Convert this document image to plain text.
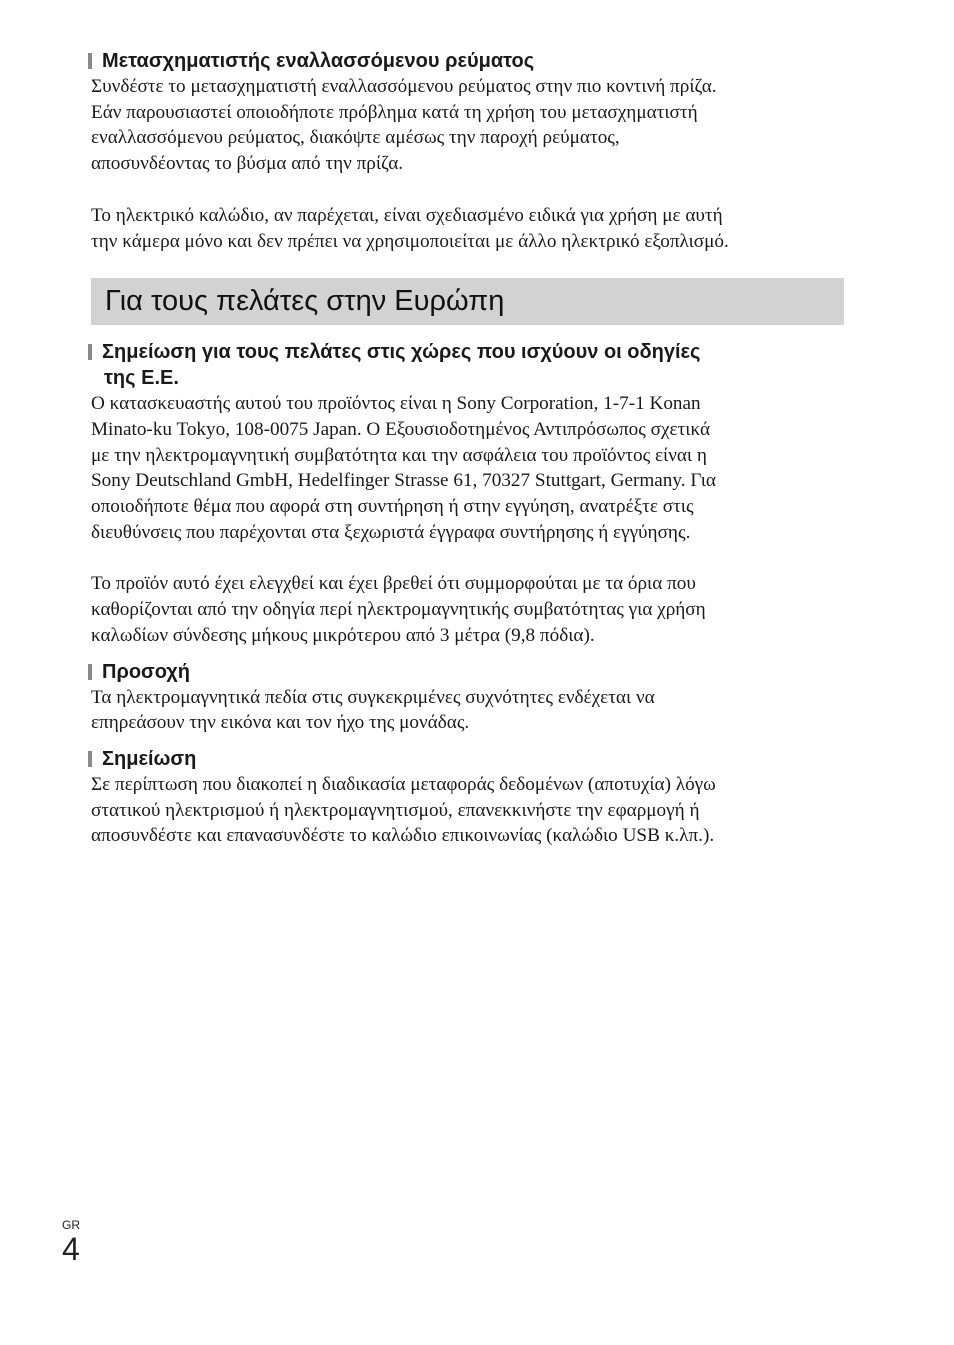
Μετασχηματιστής εναλλασσόμενου ρεύματος

Συνδέστε το μετασχηματιστή εναλλασσόμενου ρεύματος στην πιο κοντινή πρίζα.
Εάν παρουσιαστεί οποιοδήποτε πρόβλημα κατά τη χρήση του μετασχηματιστή
εναλλασσόμενου ρεύματος, διακόψτε αμέσως την παροχή ρεύματος,
αποσυνδέοντας το βύσμα από την πρίζα.

Το ηλεκτρικό καλώδιο, αν παρέχεται, είναι σχεδιασμένο ειδικά για χρήση με αυτή
την κάμερα μόνο και δεν πρέπει να χρησιμοποιείται με άλλο ηλεκτρικό εξοπλισμό.

Για τους πελάτες στην Ευρώπη
Σημείωση για τους πελάτες στις χώρες που ισχύουν οι οδηγίες
της Ε.Ε.

Ο κατασκευαστής αυτού του προϊόντος είναι η Sony Corporation, 1-7-1 Konan
Minato-ku Tokyo, 108-0075 Japan. Ο Εξουσιοδοτημένος Αντιπρόσωπος σχετικά
με την ηλεκτρομαγνητική συμβατότητα και την ασφάλεια του προϊόντος είναι η
Sony Deutschland GmbH, Hedelfinger Strasse 61, 70327 Stuttgart, Germany. Για
οποιοδήποτε θέμα που αφορά στη συντήρηση ή στην εγγύηση, ανατρέξτε στις
διευθύνσεις που παρέχονται στα ξεχωριστά έγγραφα συντήρησης ή εγγύησης.

Το προϊόν αυτό έχει ελεγχθεί και έχει βρεθεί ότι συμμορφούται με τα όρια που
καθορίζονται από την οδηγία περί ηλεκτρομαγνητικής συμβατότητας για χρήση
καλωδίων σύνδεσης μήκους μικρότερου από 3 μέτρα (9,8 πόδια).

Προσοχή

Τα ηλεκτρομαγνητικά πεδία στις συγκεκριμένες συχνότητες ενδέχεται να
επηρεάσουν την εικόνα και τον ήχο της μονάδας.

Σημείωση

Σε περίπτωση που διακοπεί η διαδικασία μεταφοράς δεδομένων (αποτυχία) λόγω
στατικού ηλεκτρισμού ή ηλεκτρομαγνητισμού, επανεκκινήστε την εφαρμογή ή
αποσυνδέστε και επανασυνδέστε το καλώδιο επικοινωνίας (καλώδιο USB κ.λπ.).

GR
4
